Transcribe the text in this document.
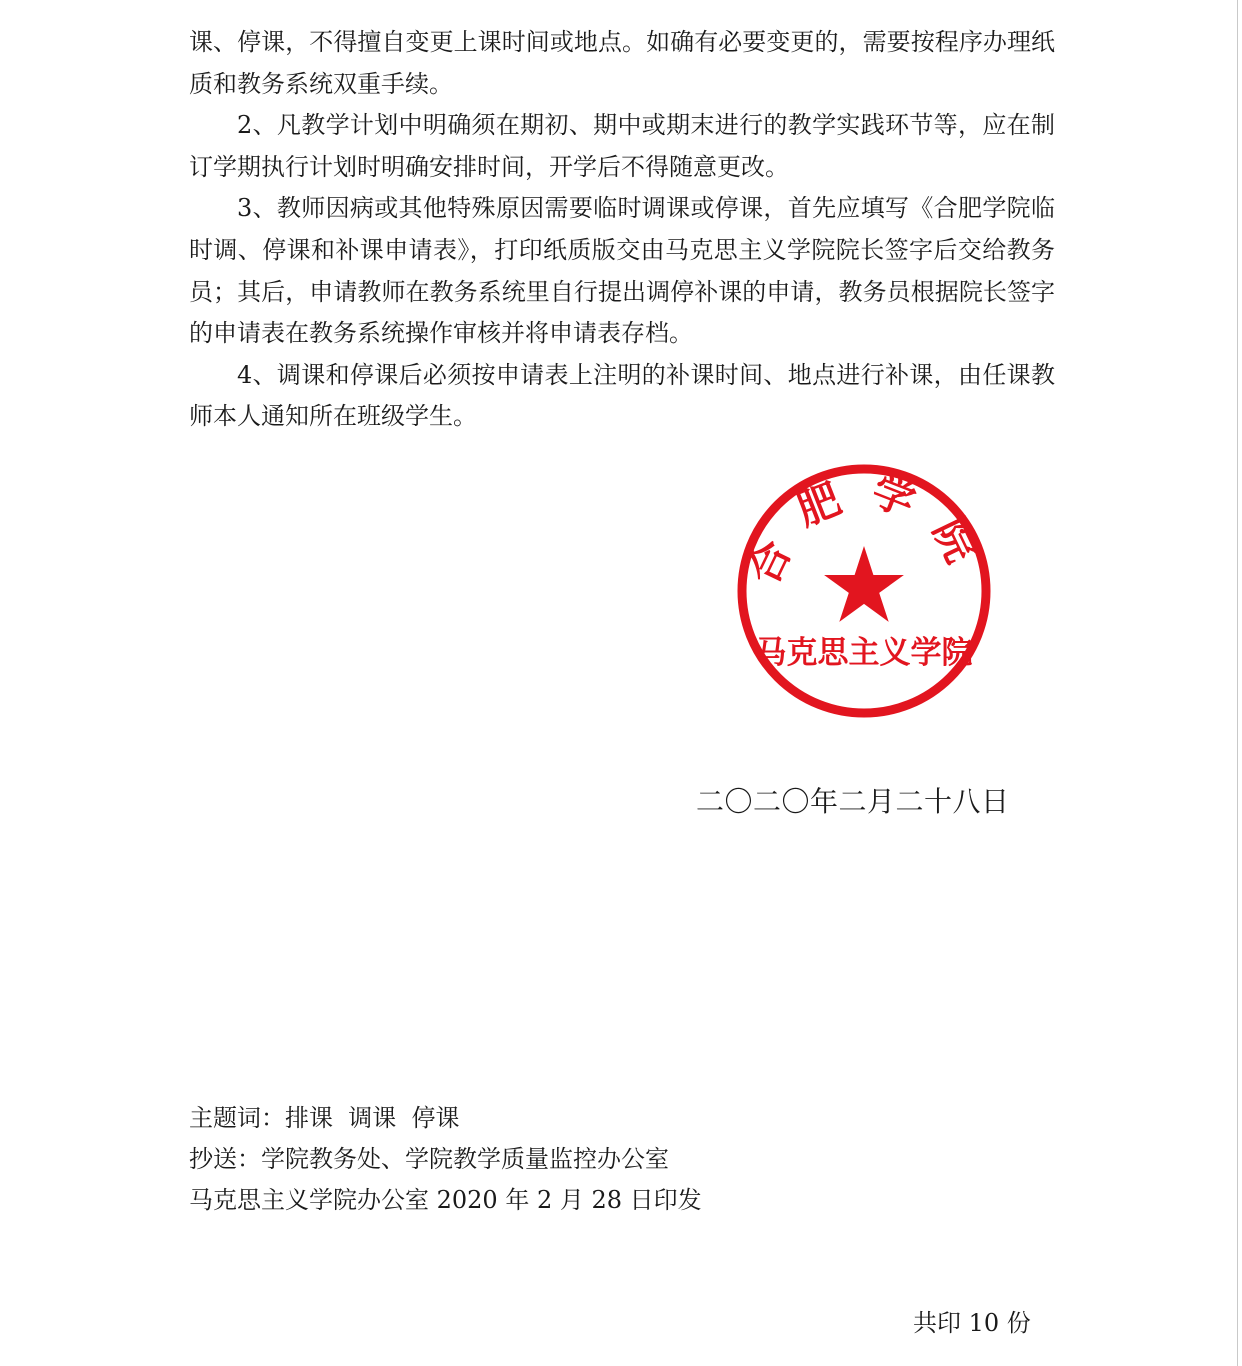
课、停课，不得擅自变更上课时间或地点。如确有必要变更的，需要按程序办理纸质和教务系统双重手续。

2、凡教学计划中明确须在期初、期中或期末进行的教学实践环节等，应在制订学期执行计划时明确安排时间，开学后不得随意更改。

3、教师因病或其他特殊原因需要临时调课或停课，首先应填写《合肥学院临时调、停课和补课申请表》，打印纸质版交由马克思主义学院院长签字后交给教务员；其后，申请教师在教务系统里自行提出调停补课的申请，教务员根据院长签字的申请表在教务系统操作审核并将申请表存档。

4、调课和停课后必须按申请表上注明的补课时间、地点进行补课，由任课教师本人通知所在班级学生。

合肥学院
马克思主义学院
二〇二〇年二月二十八日
主题词：排课  调课  停课
抄送：学院教务处、学院教学质量监控办公室
马克思主义学院办公室 2020 年 2 月 28 日印发
共印 10 份
